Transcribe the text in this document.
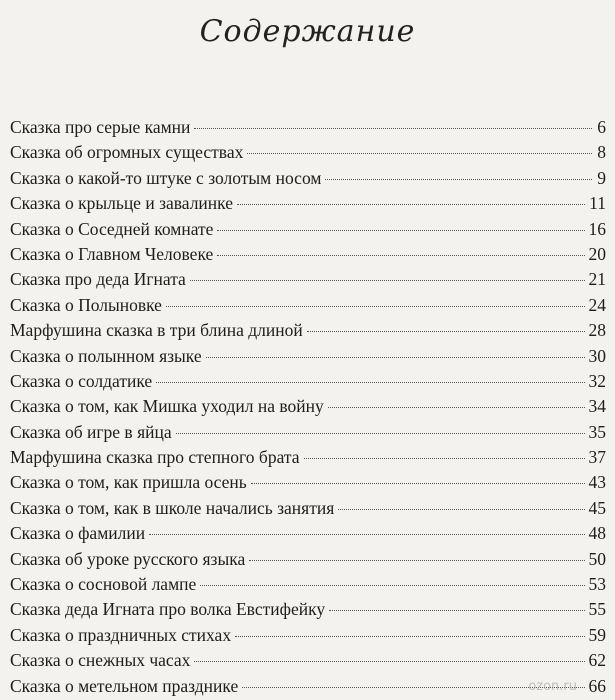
Содержание
Сказка про серые камни	6
Сказка об огромных существах	8
Сказка о какой-то штуке с золотым носом	9
Сказка о крыльце и завалинке	11
Сказка о Соседней комнате	16
Сказка о Главном Человеке	20
Сказка про деда Игната	21
Сказка о Полыновке	24
Марфушина сказка в три блина длиной	28
Сказка о полынном языке	30
Сказка о солдатике	32
Сказка о том, как Мишка уходил на войну	34
Сказка об игре в яйца	35
Марфушина сказка про степного брата	37
Сказка о том, как пришла осень	43
Сказка о том, как в школе начались занятия	45
Сказка о фамилии	48
Сказка об уроке русского языка	50
Сказка о сосновой лампе	53
Сказка деда Игната про волка Евстифейку	55
Сказка о праздничных стихах	59
Сказка о снежных часах	62
Сказка о метельном празднике	66
ozon.ru
